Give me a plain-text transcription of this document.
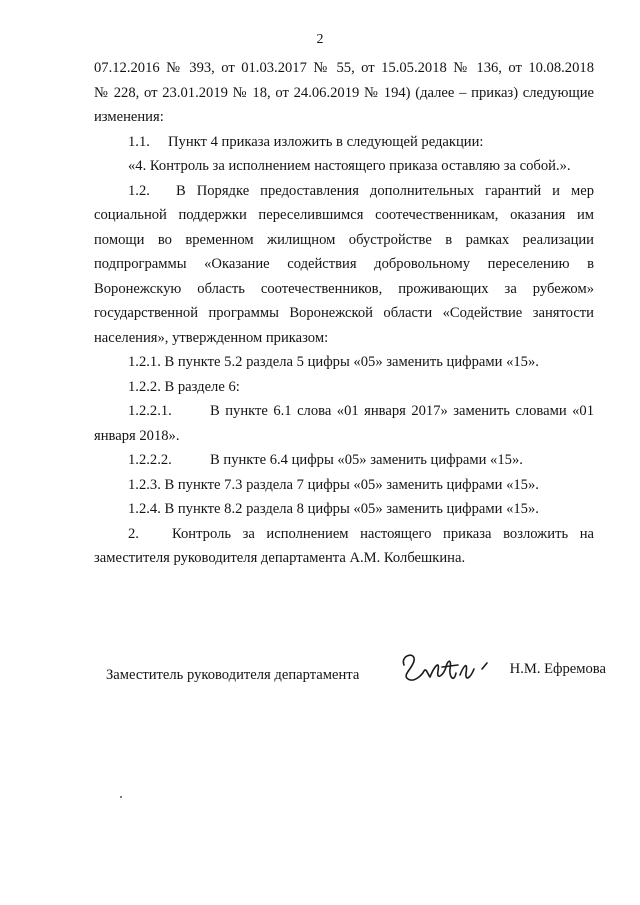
2
07.12.2016 № 393, от 01.03.2017 № 55, от 15.05.2018 № 136, от 10.08.2018
№ 228, от 23.01.2019 № 18, от 24.06.2019 № 194) (далее – приказ) следующие
изменения:
1.1. Пункт 4 приказа изложить в следующей редакции:
«4. Контроль за исполнением настоящего приказа оставляю за собой.».
1.2. В Порядке предоставления дополнительных гарантий и мер
социальной поддержки переселившимся соотечественникам, оказания им
помощи во временном жилищном обустройстве в рамках реализации
подпрограммы «Оказание содействия добровольному переселению в
Воронежскую область соотечественников, проживающих за рубежом»
государственной программы Воронежской области «Содействие занятости
населения», утвержденном приказом:
1.2.1. В пункте 5.2 раздела 5 цифры «05» заменить цифрами «15».
1.2.2. В разделе 6:
1.2.2.1.	В пункте 6.1 слова «01 января 2017» заменить словами «01
января 2018».
1.2.2.2.	В пункте 6.4 цифры «05» заменить цифрами «15».
1.2.3. В пункте 7.3 раздела 7 цифры «05» заменить цифрами «15».
1.2.4. В пункте 8.2 раздела 8 цифры «05» заменить цифрами «15».
2. Контроль за исполнением настоящего приказа возложить на
заместителя руководителя департамента А.М. Колбешкина.
Заместитель руководителя департамента	Н.М. Ефремова
